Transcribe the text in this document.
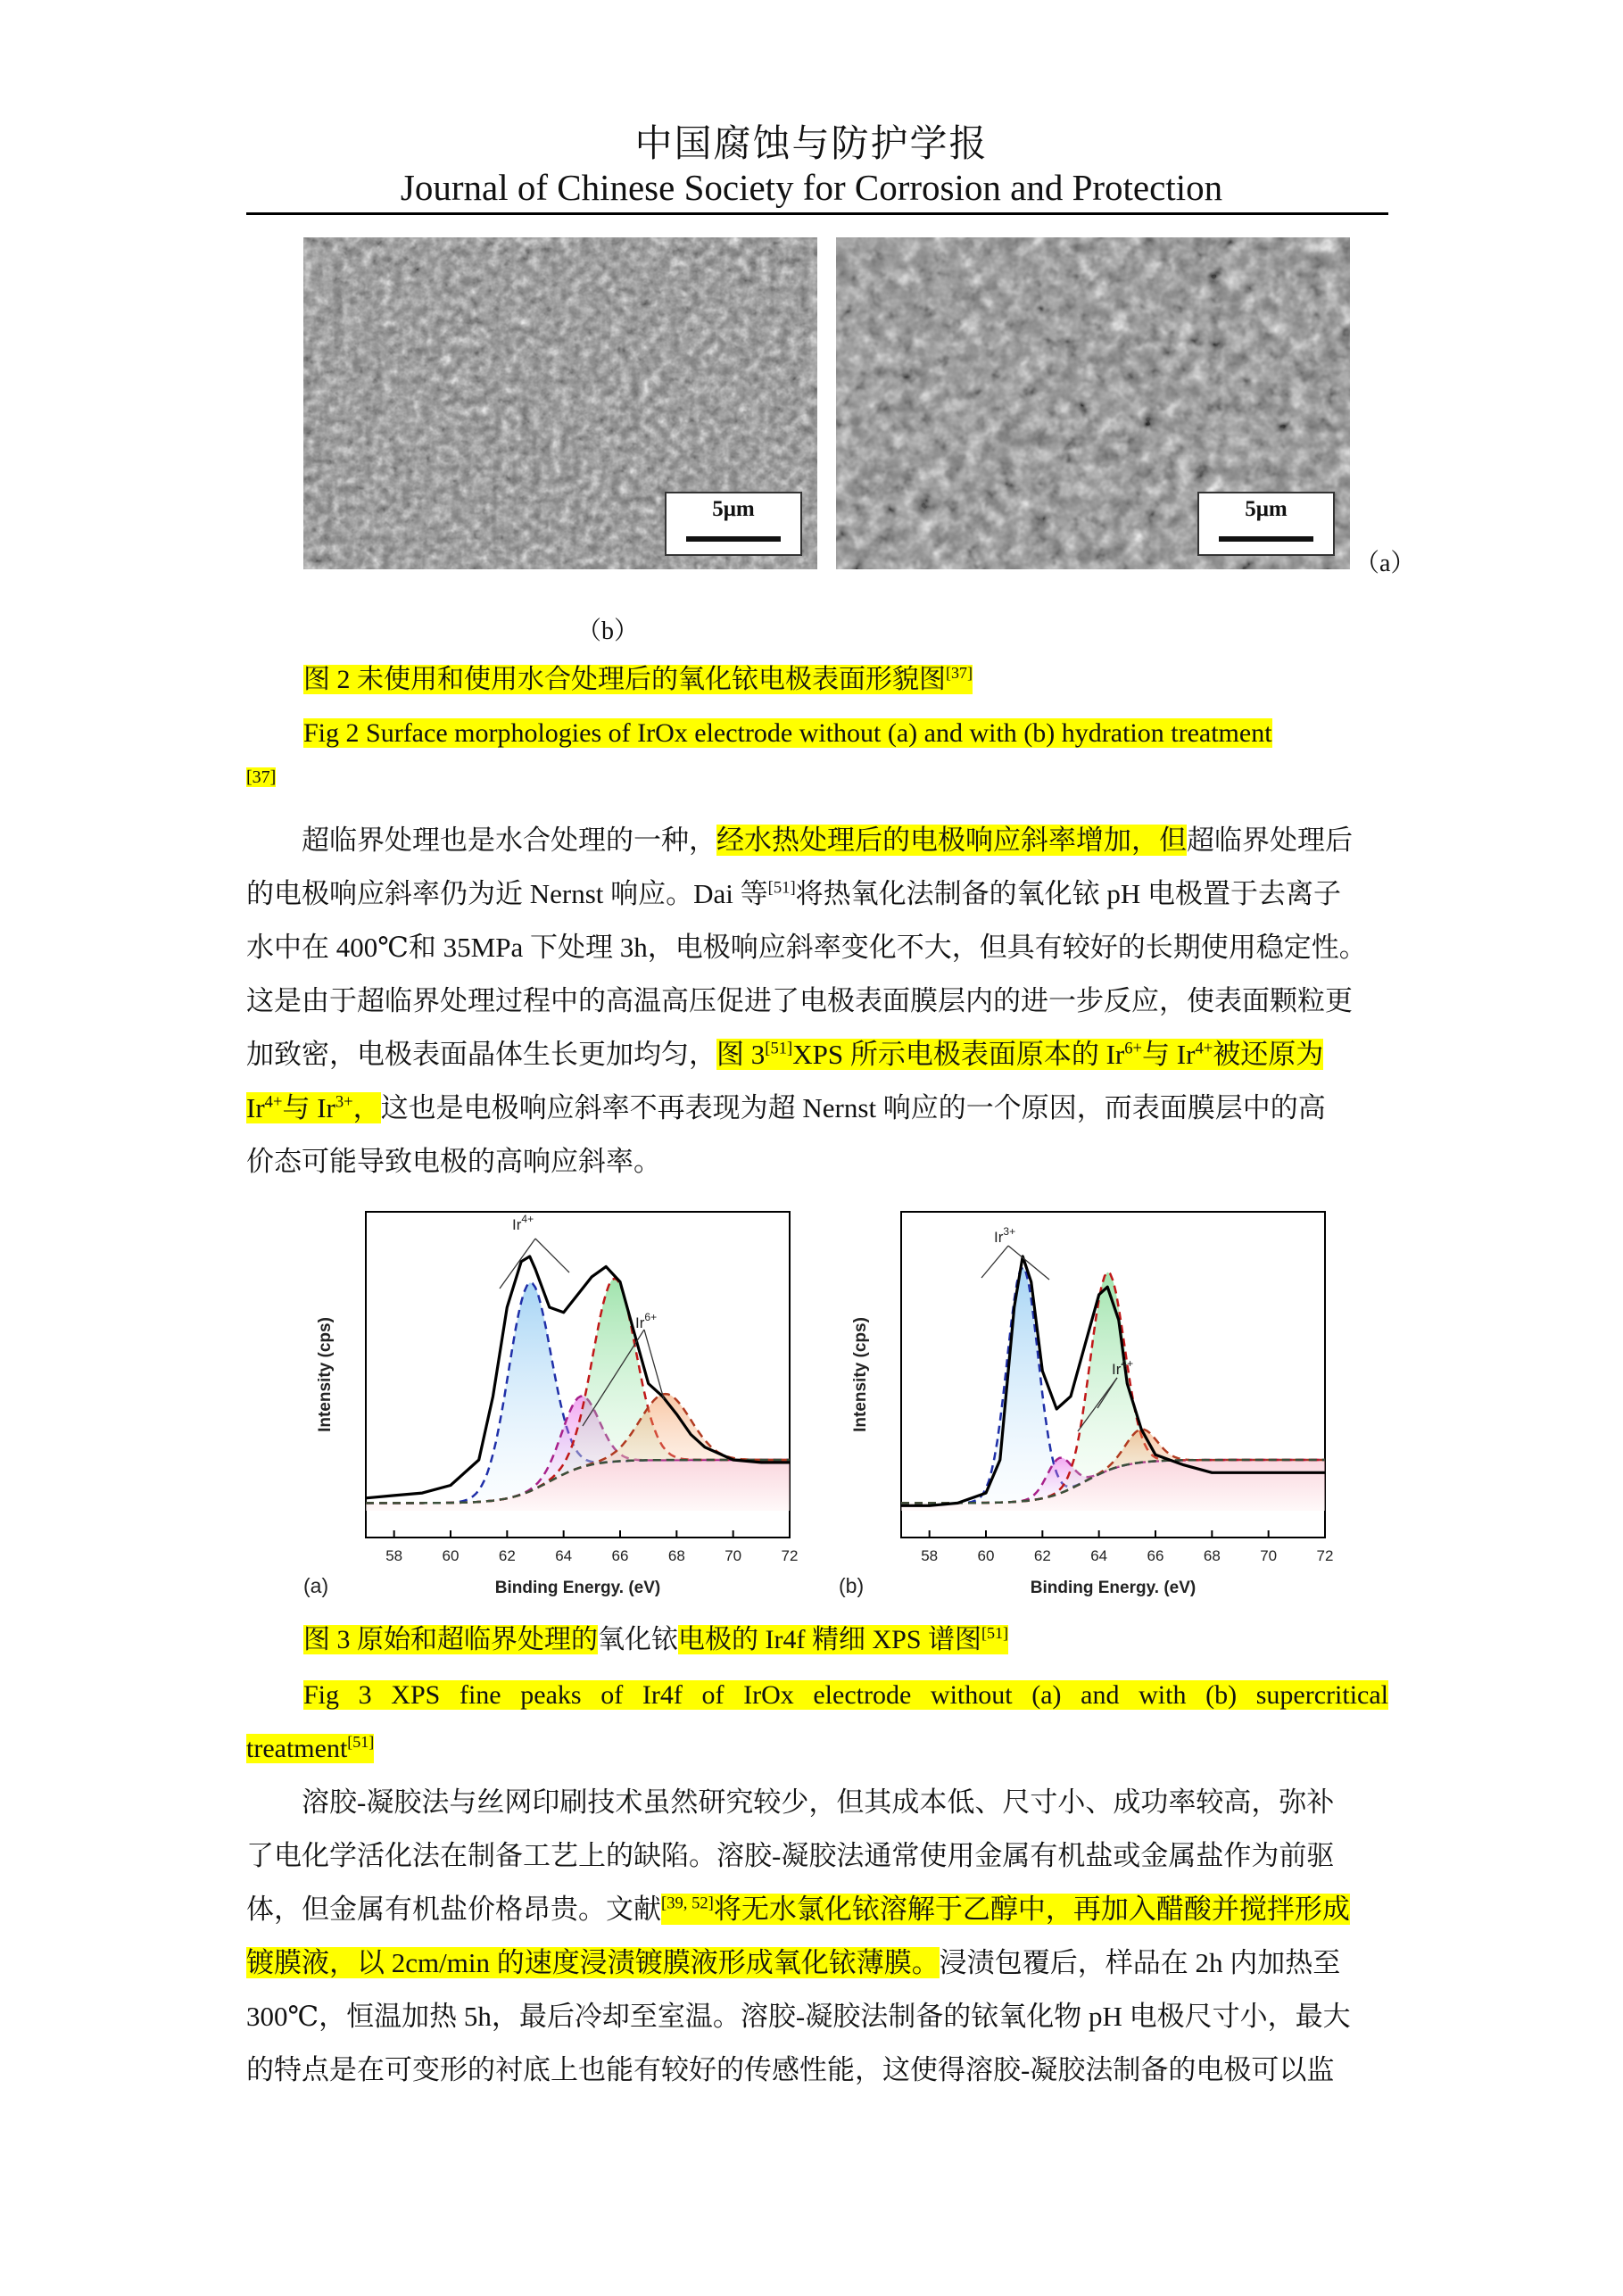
中国腐蚀与防护学报
Journal of Chinese Society for Corrosion and Protection
5μm	5μm
（a）
（b）
图 2 未使用和使用水合处理后的氧化铱电极表面形貌图[37]
Fig 2 Surface morphologies of IrOx electrode without (a) and with (b) hydration treatment
[37]
超临界处理也是水合处理的一种，经水热处理后的电极响应斜率增加，但超临界处理后
的电极响应斜率仍为近 Nernst 响应。Dai 等[51]将热氧化法制备的氧化铱 pH 电极置于去离子
水中在 400℃和 35MPa 下处理 3h，电极响应斜率变化不大，但具有较好的长期使用稳定性。
这是由于超临界处理过程中的高温高压促进了电极表面膜层内的进一步反应，使表面颗粒更
加致密，电极表面晶体生长更加均匀，图 3[51]XPS 所示电极表面原本的 $Ir^{6+}$与 $Ir^{4+}$被还原为
$Ir^{4+}$与 $Ir^{3+}$，这也是电极响应斜率不再表现为超 Nernst 响应的一个原因，而表面膜层中的高
价态可能导致电极的高响应斜率。
58	60	62	64	66	68	70	72
Binding Energy. (eV)
Intensity (cps)
(a)
$Ir^{4+}$
$Ir^{6+}$
58	60	62	64	66	68	70	72
Binding Energy. (eV)
Intensity (cps)
(b)
$Ir^{3+}$
$Ir^{4+}$
图 3 原始和超临界处理的氧化铱电极的 Ir4f 精细 XPS 谱图[51]
Fig 3 XPS fine peaks of Ir4f of IrOx electrode without (a) and with (b) supercritical
treatment[51]
溶胶-凝胶法与丝网印刷技术虽然研究较少，但其成本低、尺寸小、成功率较高，弥补
了电化学活化法在制备工艺上的缺陷。溶胶-凝胶法通常使用金属有机盐或金属盐作为前驱
体，但金属有机盐价格昂贵。文献[39, 52]将无水氯化铱溶解于乙醇中，再加入醋酸并搅拌形成
镀膜液，以 2cm/min 的速度浸渍镀膜液形成氧化铱薄膜。浸渍包覆后，样品在 2h 内加热至
300℃，恒温加热 5h，最后冷却至室温。溶胶-凝胶法制备的铱氧化物 pH 电极尺寸小，最大
的特点是在可变形的衬底上也能有较好的传感性能，这使得溶胶-凝胶法制备的电极可以监
